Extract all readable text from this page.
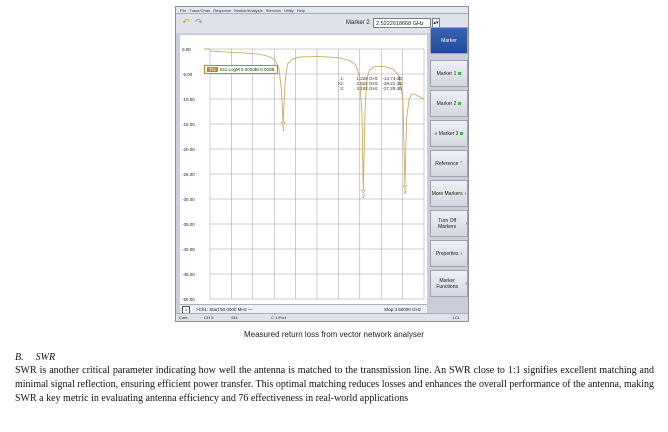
File Trace/Chan Response Marker/Analysis Stimulus Utility Help
↶ ↷	Marker 2	2.5222618668 GHz	▴▾
1
2
3
Tr1 S11 LogM 5.000dB/ 0.00dB
0.00
-5.00
-10.00
-15.00
-20.00
-25.00
-30.00
-35.00
-40.00
-45.00
-50.00
1:	1.228 GHz -14.74 dB
>2:	2.522 GHz -28.21 dB
3:	3.192 GHz -27.29 dB
1	>Ch1: Start 50.0000 MHz —	Stop 3.50000 GHz
Marker
Marker 1
Marker 2
» Marker 3
Reference ⌜
More Markers ›
Turn Off Markers	›
Properties ›
Marker Functions	›
Cont.	CH 1:	S11	C 1-Port	LCL
Measured return loss from vector network analyser
B. SWR

SWR is another critical parameter indicating how well the antenna is matched to the transmission line. An SWR close to 1:1 signifies excellent matching and minimal signal reflection, ensuring efficient power transfer. This optimal matching reduces losses and enhances the overall performance of the antenna, making SWR a key metric in evaluating antenna efficiency and 76 effectiveness in real-world applications
